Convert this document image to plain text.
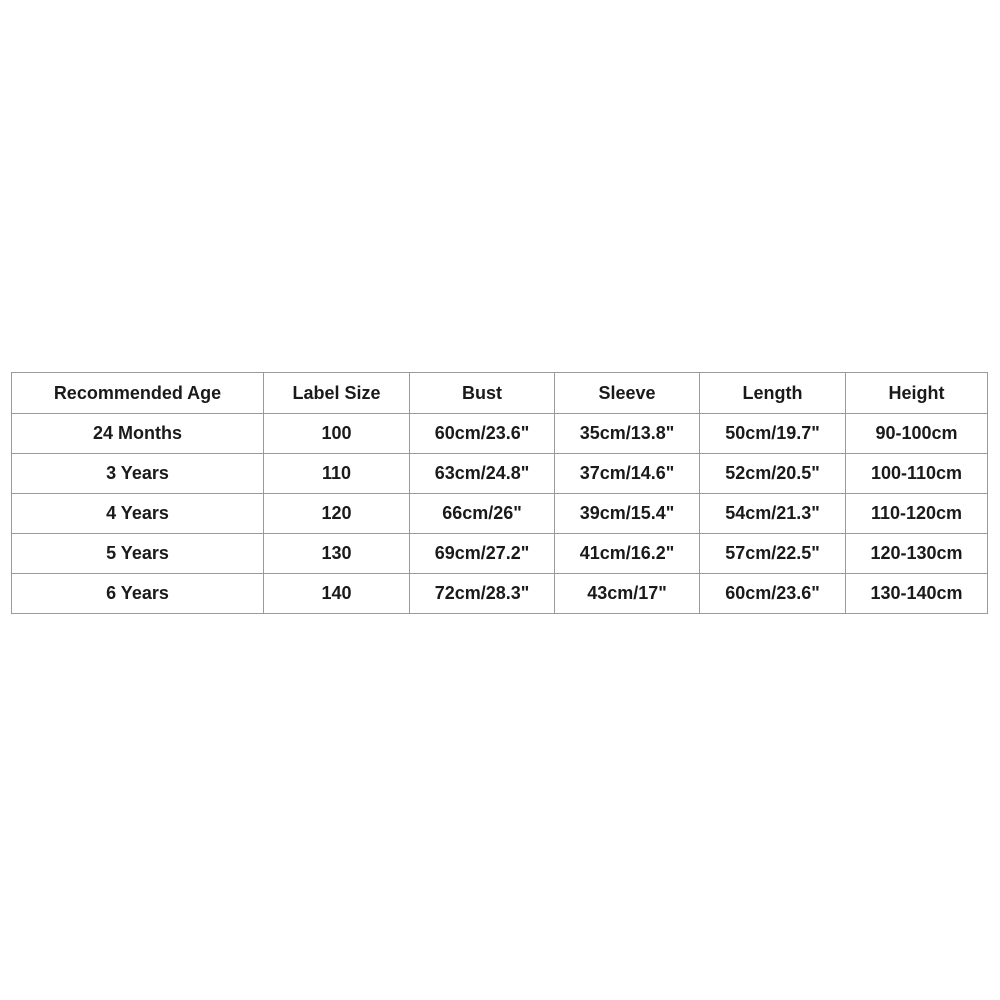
Recommended Age	Label Size	Bust	Sleeve	Length	Height
24 Months	100	60cm/23.6"	35cm/13.8"	50cm/19.7"	90-100cm
3 Years	110	63cm/24.8"	37cm/14.6"	52cm/20.5"	100-110cm
4 Years	120	66cm/26"	39cm/15.4"	54cm/21.3"	110-120cm
5 Years	130	69cm/27.2"	41cm/16.2"	57cm/22.5"	120-130cm
6 Years	140	72cm/28.3"	43cm/17"	60cm/23.6"	130-140cm
